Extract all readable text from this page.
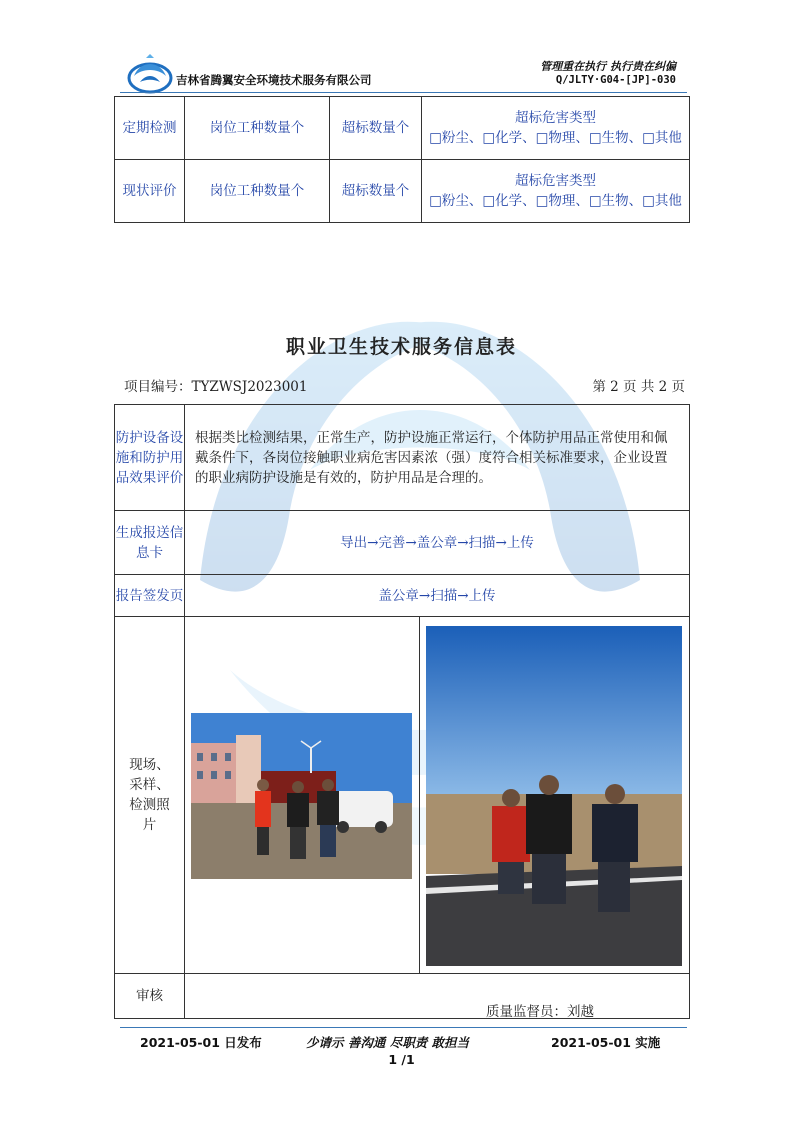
吉林省腾翼安全环境技术服务有限公司
管理重在执行 执行贵在纠偏
Q/JLTY·G04-[JP]-030
定期检测	岗位工种数量个	超标数量个	超标危害类型
□粉尘、□化学、□物理、□生物、□其他

现状评价	岗位工种数量个	超标数量个	超标危害类型
□粉尘、□化学、□物理、□生物、□其他
职业卫生技术服务信息表
项目编号：TYZWSJ2023001	第 2 页 共 2 页
防护设备设施和防护用品效果评价	根据类比检测结果，正常生产，防护设施正常运行，个体防护用品正常使用和佩戴条件下，各岗位接触职业病危害因素浓（强）度符合相关标准要求，企业设置的职业病防护设施是有效的，防护用品是合理的。	
生成报送信息卡	导出→完善→盖公章→扫描→上传	
报告签发页	盖公章→扫描→上传	
现场、采样、检测照片		
审核		
质量监督员：刘越
2021-05-01 日发布	少请示 善沟通 尽职责 敢担当	2021-05-01 实施
1 /1
